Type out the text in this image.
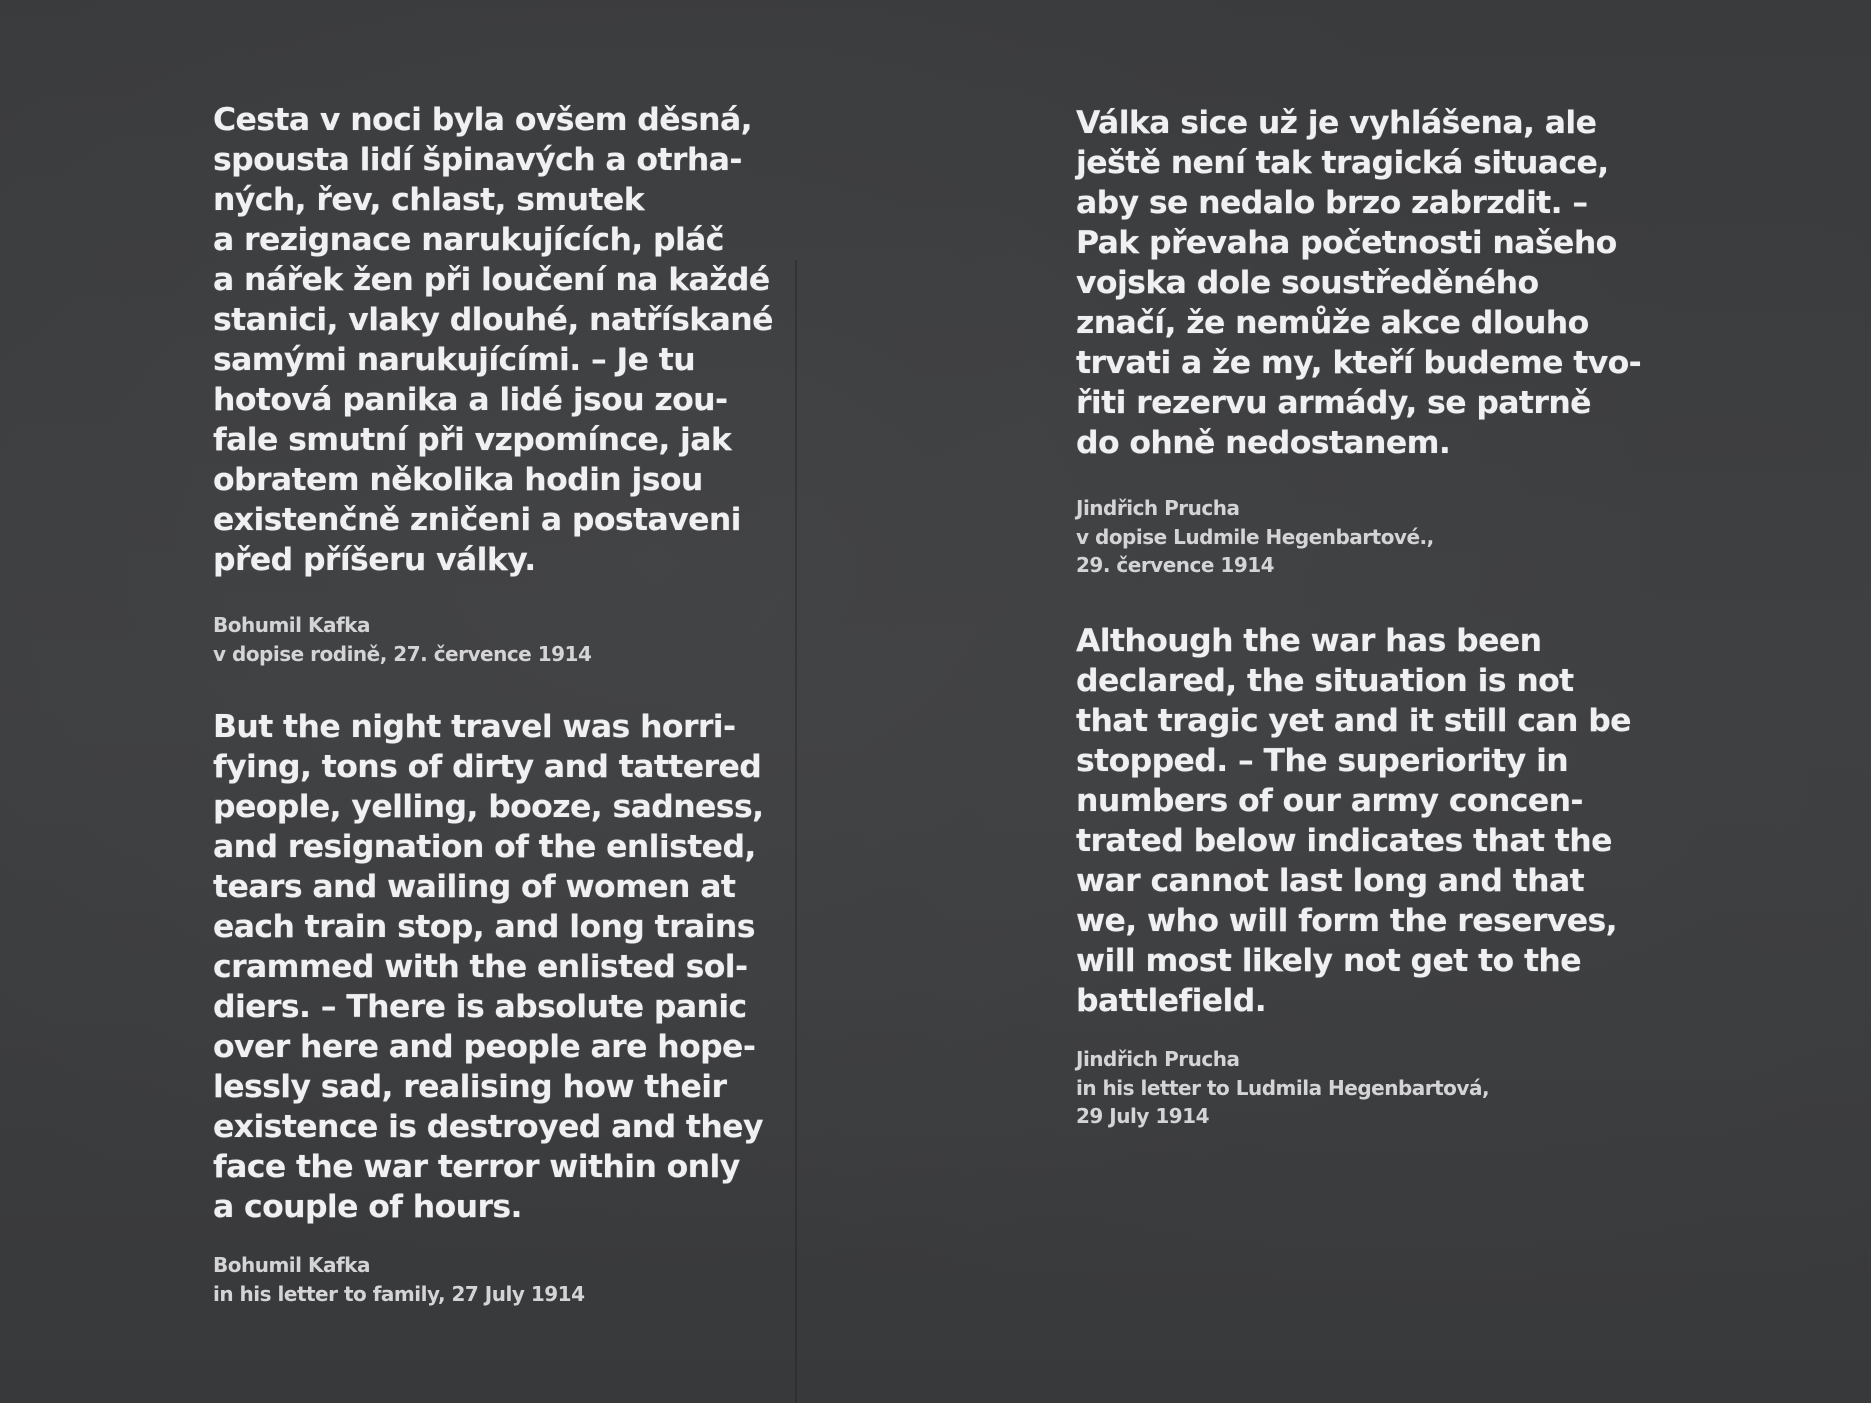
Cesta v noci byla ovšem děsná,
spousta lidí špinavých a otrha-
ných, řev, chlast, smutek
a rezignace narukujících, pláč
a nářek žen při loučení na každé
stanici, vlaky dlouhé, natřískané
samými narukujícími. – Je tu
hotová panika a lidé jsou zou-
fale smutní při vzpomínce, jak
obratem několika hodin jsou
existenčně zničeni a postaveni
před příšeru války.

Bohumil Kafka

v dopise rodině, 27. července 1914

But the night travel was horri-
fying, tons of dirty and tattered
people, yelling, booze, sadness,
and resignation of the enlisted,
tears and wailing of women at
each train stop, and long trains
crammed with the enlisted sol-
diers. – There is absolute panic
over here and people are hope-
lessly sad, realising how their
existence is destroyed and they
face the war terror within only
a couple of hours.

Bohumil Kafka

in his letter to family, 27 July 1914

Válka sice už je vyhlášena, ale
ještě není tak tragická situace,
aby se nedalo brzo zabrzdit. –
Pak převaha početnosti našeho
vojska dole soustředěného
značí, že nemůže akce dlouho
trvati a že my, kteří budeme tvo-
řiti rezervu armády, se patrně
do ohně nedostanem.

Jindřich Prucha

v dopise Ludmile Hegenbartové.,
29. července 1914

Although the war has been
declared, the situation is not
that tragic yet and it still can be
stopped. – The superiority in
numbers of our army concen-
trated below indicates that the
war cannot last long and that
we, who will form the reserves,
will most likely not get to the
battlefield.

Jindřich Prucha

in his letter to Ludmila Hegenbartová,
29 July 1914
